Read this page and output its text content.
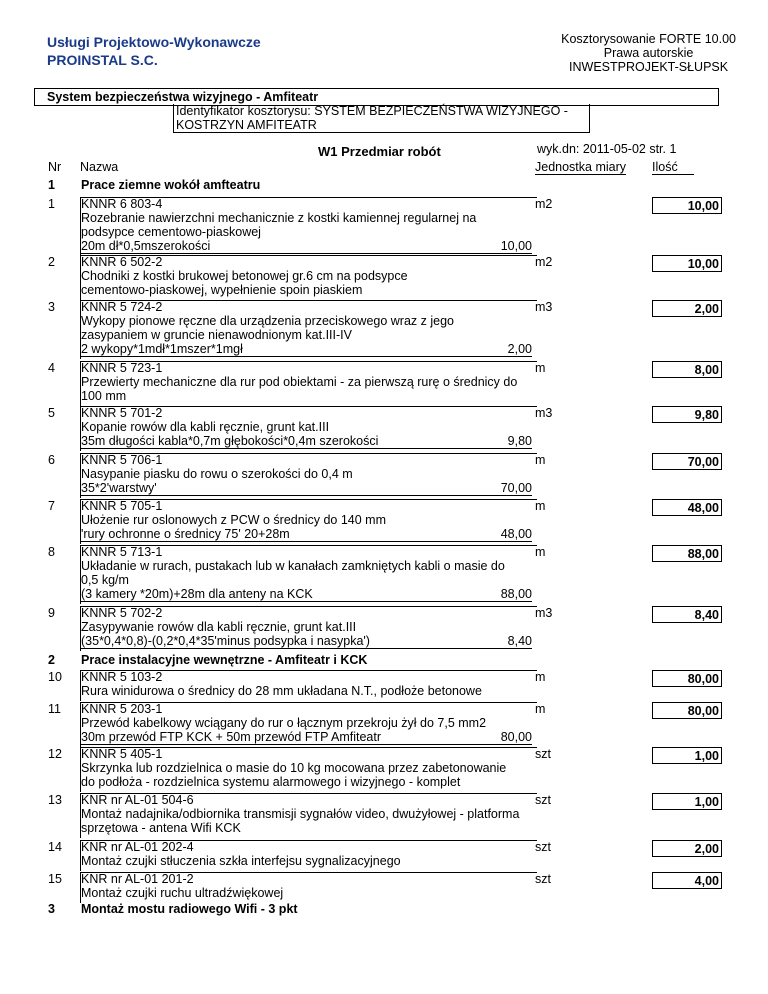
Usługi Projektowo-Wykonawcze
PROINSTAL S.C.
Kosztorysowanie FORTE 10.00
Prawa autorskie
INWESTPROJEKT-SŁUPSK
System bezpieczeństwa wizyjnego - Amfiteatr
Identyfikator kosztorysu: SYSTEM BEZPIECZEŃSTWA WIZYJNEGO -
KOSTRZYN AMFITEATR
W1 Przedmiar robót	wyk.dn: 2011-05-02 str. 1
Nr Nazwa	Jednostka miary Ilość
1 Prace ziemne wokół amfteatru
1 KNNR 6 803-4
Rozebranie nawierzchni mechanicznie z kostki kamiennej regularnej na
podsypce cementowo-piaskowej
20m dł*0,5mszerokości	10,00
m2	10,00
2 KNNR 6 502-2
Chodniki z kostki brukowej betonowej gr.6 cm na podsypce
cementowo-piaskowej, wypełnienie spoin piaskiem
m2	10,00
3 KNNR 5 724-2
Wykopy pionowe ręczne dla urządzenia przeciskowego wraz z jego
zasypaniem w gruncie nienawodnionym kat.III-IV
2 wykopy*1mdł*1mszer*1mgł	2,00
m3	2,00
4 KNNR 5 723-1
Przewierty mechaniczne dla rur pod obiektami - za pierwszą rurę o średnicy do
100 mm
m	8,00
5 KNNR 5 701-2
Kopanie rowów dla kabli ręcznie, grunt kat.III
35m długości kabla*0,7m głębokości*0,4m szerokości	9,80
m3	9,80
6 KNNR 5 706-1
Nasypanie piasku do rowu o szerokości do 0,4 m
35*2'warstwy'	70,00
m	70,00
7 KNNR 5 705-1
Ułożenie rur oslonowych z PCW o średnicy do 140 mm
'rury ochronne o średnicy 75' 20+28m	48,00
m	48,00
8 KNNR 5 713-1
Układanie w rurach, pustakach lub w kanałach zamkniętych kabli o masie do
0,5 kg/m
(3 kamery *20m)+28m dla anteny na KCK	88,00
m	88,00
9 KNNR 5 702-2
Zasypywanie rowów dla kabli ręcznie, grunt kat.III
(35*0,4*0,8)-(0,2*0,4*35'minus podsypka i nasypka')	8,40
m3	8,40
2 Prace instalacyjne wewnętrzne - Amfiteatr i KCK
10 KNNR 5 103-2
Rura winidurowa o średnicy do 28 mm układana N.T., podłoże betonowe
m	80,00
11 KNNR 5 203-1
Przewód kabelkowy wciągany do rur o łącznym przekroju żył do 7,5 mm2
30m przewód FTP KCK + 50m przewód FTP Amfiteatr	80,00
m	80,00
12 KNNR 5 405-1
Skrzynka lub rozdzielnica o masie do 10 kg mocowana przez zabetonowanie
do podłoża - rozdzielnica systemu alarmowego i wizyjnego - komplet
szt	1,00
13 KNR nr AL-01 504-6
Montaż nadajnika/odbiornika transmisji sygnałów video, dwużyłowej - platforma
sprzętowa - antena Wifi KCK
szt	1,00
14 KNR nr AL-01 202-4
Montaż czujki stłuczenia szkła interfejsu sygnalizacyjnego
szt	2,00
15 KNR nr AL-01 201-2
Montaż czujki ruchu ultradźwiękowej
szt	4,00
3 Montaż mostu radiowego Wifi - 3 pkt
